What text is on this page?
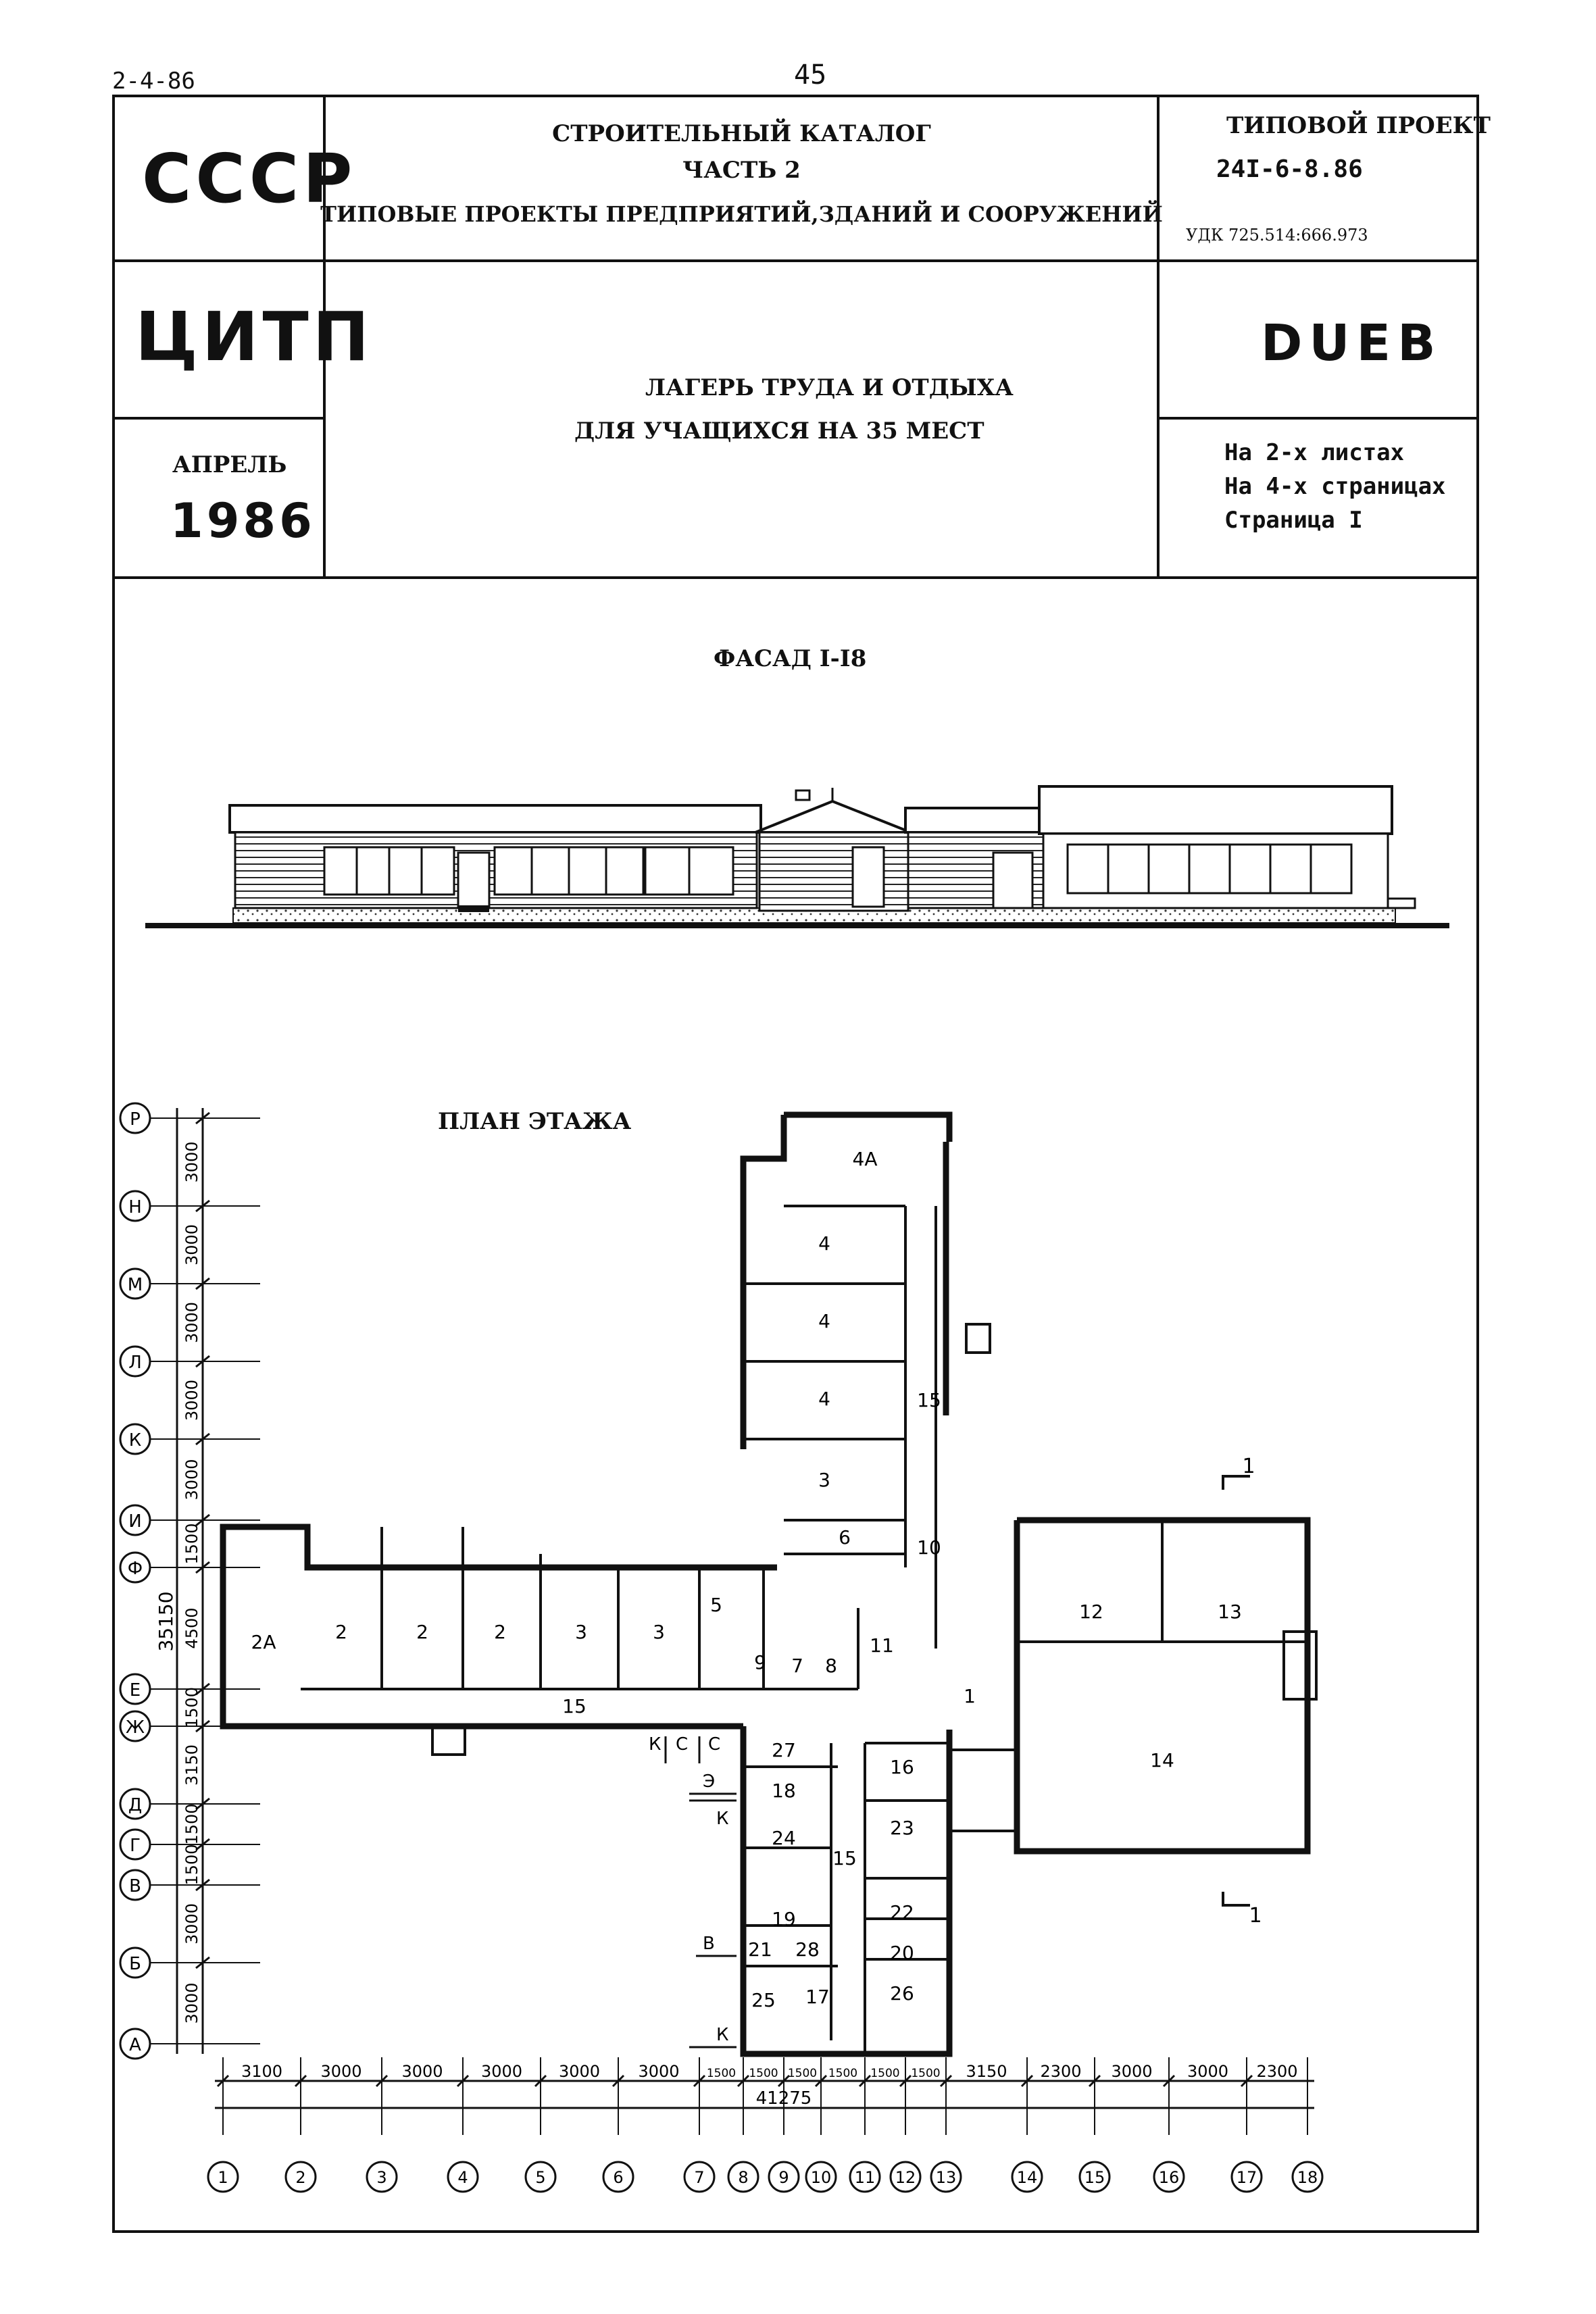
2-4-86	45
СССР
ЦИТП
АПРЕЛЬ
1986
СТРОИТЕЛЬНЫЙ КАТАЛОГ
ЧАСТЬ 2
ТИПОВЫЕ ПРОЕКТЫ ПРЕДПРИЯТИЙ,ЗДАНИЙ И СООРУЖЕНИЙ
ЛАГЕРЬ ТРУДА И ОТДЫХА
ДЛЯ УЧАЩИХСЯ НА 35 МЕСТ
ТИПОВОЙ ПРОЕКТ
24I-6-8.86
УДК 725.514:666.973
DUEB
На 2-х листах
На 4-х страницах
Страница I
ФАСАД I-I8
ПЛАН ЭТАЖА
Р
Н
М
Л
К
И
Ф
Е
Ж
Д
Г
В
Б
А
1	2	3	4	5	6	7 8 9 10 11 12 13	14	15	16	17 18
3000
3000
3000
3000
3000
1500
4500
1500
3150
1500
1500
3000
3000
35150
3100 3000 3000 3000 3000 3000 1500 1500 1500 1500 1500 1500 3150 2300 3000 3000 2300
41275
4А
4
4
4	15
3
6	10
2А	2	2	2	3	3
5
9 7 8
11
12	13
1
15
14
27
18
16
24	23
15
19	22
21 28	20
25 17	26
1
1
К С С
Э
К
В
К
